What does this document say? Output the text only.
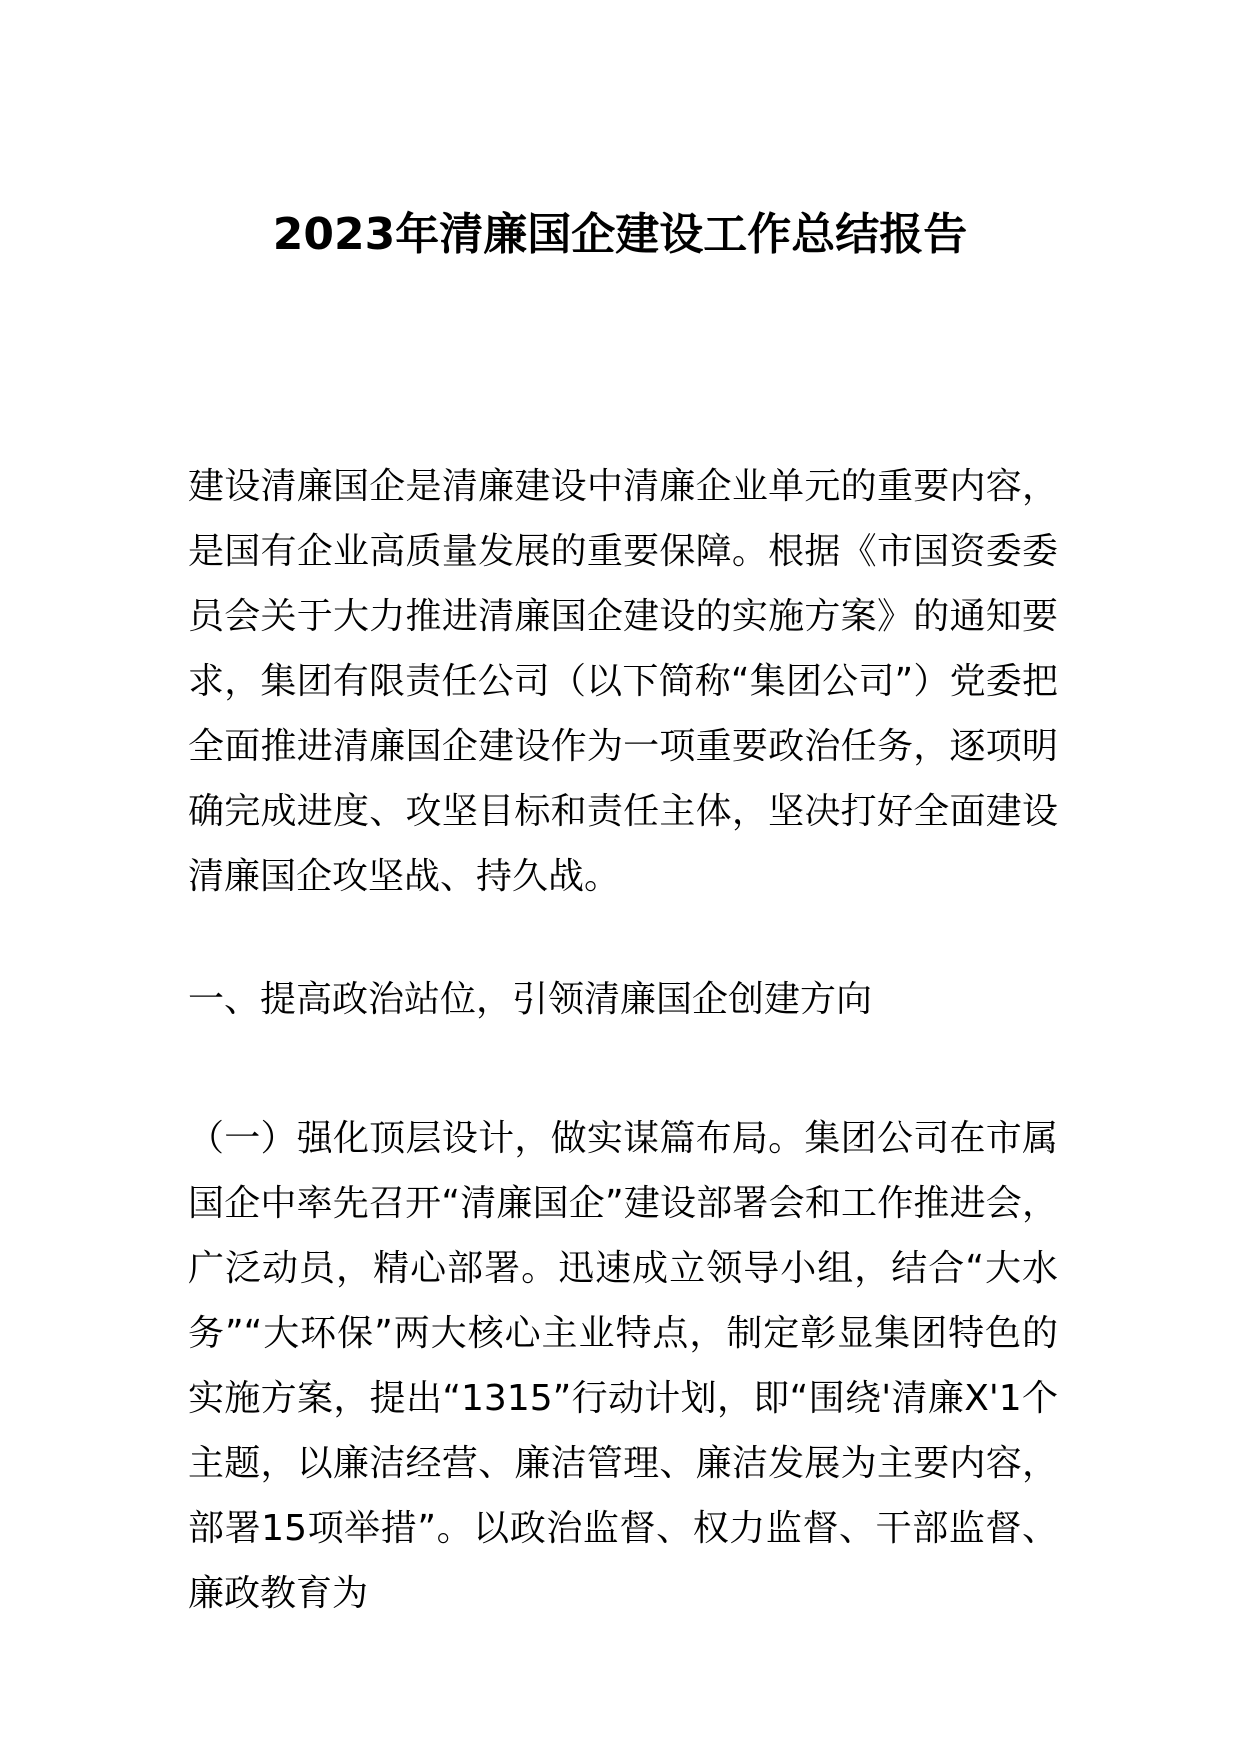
2023年清廉国企建设工作总结报告

建设清廉国企是清廉建设中清廉企业单元的重要内容，是国有企业高质量发展的重要保障。根据《市国资委委员会关于大力推进清廉国企建设的实施方案》的通知要求，集团有限责任公司（以下简称“集团公司”）党委把全面推进清廉国企建设作为一项重要政治任务，逐项明确完成进度、攻坚目标和责任主体，坚决打好全面建设清廉国企攻坚战、持久战。

一、提高政治站位，引领清廉国企创建方向

（一）强化顶层设计，做实谋篇布局。集团公司在市属国企中率先召开“清廉国企”建设部署会和工作推进会，广泛动员，精心部署。迅速成立领导小组，结合“大水务”“大环保”两大核心主业特点，制定彰显集团特色的实施方案，提出“1315”行动计划，即“围绕'清廉X'1个主题，以廉洁经营、廉洁管理、廉洁发展为主要内容，部署15项举措”。以政治监督、权力监督、干部监督、廉政教育为
